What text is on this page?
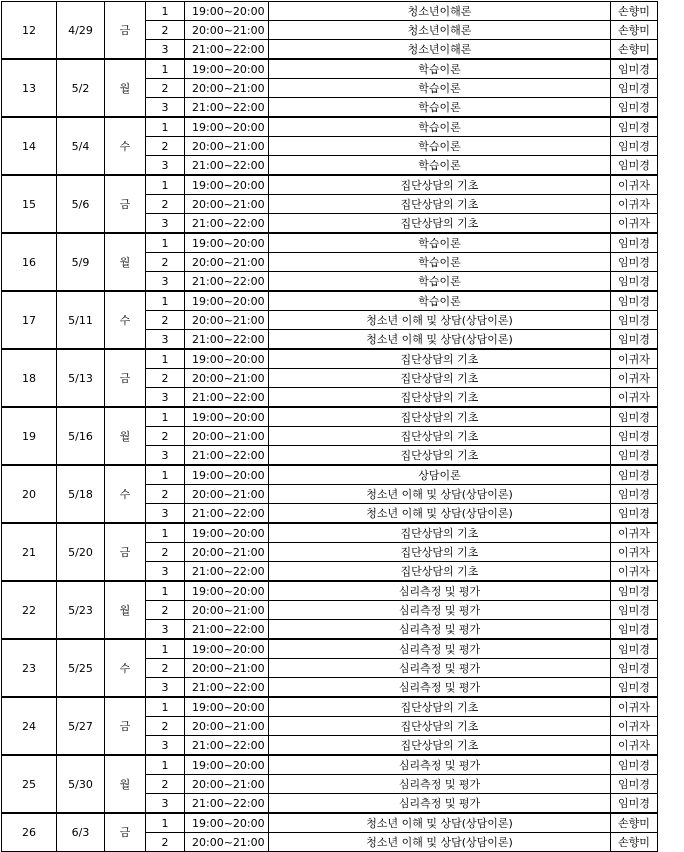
12	4/29	금	1	19:00~20:00	청소년이해론	손향미
			2	20:00~21:00	청소년이해론	손향미
			3	21:00~22:00	청소년이해론	손향미
13	5/2	월	1	19:00~20:00	학습이론	임미경
			2	20:00~21:00	학습이론	임미경
			3	21:00~22:00	학습이론	임미경
14	5/4	수	1	19:00~20:00	학습이론	임미경
			2	20:00~21:00	학습이론	임미경
			3	21:00~22:00	학습이론	임미경
15	5/6	금	1	19:00~20:00	집단상담의 기초	이귀자
			2	20:00~21:00	집단상담의 기초	이귀자
			3	21:00~22:00	집단상담의 기초	이귀자
16	5/9	월	1	19:00~20:00	학습이론	임미경
			2	20:00~21:00	학습이론	임미경
			3	21:00~22:00	학습이론	임미경
17	5/11	수	1	19:00~20:00	학습이론	임미경
			2	20:00~21:00	청소년 이해 및 상담(상담이론)	임미경
			3	21:00~22:00	청소년 이해 및 상담(상담이론)	임미경
18	5/13	금	1	19:00~20:00	집단상담의 기초	이귀자
			2	20:00~21:00	집단상담의 기초	이귀자
			3	21:00~22:00	집단상담의 기초	이귀자
19	5/16	월	1	19:00~20:00	집단상담의 기초	임미경
			2	20:00~21:00	집단상담의 기초	임미경
			3	21:00~22:00	집단상담의 기초	임미경
20	5/18	수	1	19:00~20:00	상담이론	임미경
			2	20:00~21:00	청소년 이해 및 상담(상담이론)	임미경
			3	21:00~22:00	청소년 이해 및 상담(상담이론)	임미경
21	5/20	금	1	19:00~20:00	집단상담의 기초	이귀자
			2	20:00~21:00	집단상담의 기초	이귀자
			3	21:00~22:00	집단상담의 기초	이귀자
22	5/23	월	1	19:00~20:00	심리측정 및 평가	임미경
			2	20:00~21:00	심리측정 및 평가	임미경
			3	21:00~22:00	심리측정 및 평가	임미경
23	5/25	수	1	19:00~20:00	심리측정 및 평가	임미경
			2	20:00~21:00	심리측정 및 평가	임미경
			3	21:00~22:00	심리측정 및 평가	임미경
24	5/27	금	1	19:00~20:00	집단상담의 기초	이귀자
			2	20:00~21:00	집단상담의 기초	이귀자
			3	21:00~22:00	집단상담의 기초	이귀자
25	5/30	월	1	19:00~20:00	심리측정 및 평가	임미경
			2	20:00~21:00	심리측정 및 평가	임미경
			3	21:00~22:00	심리측정 및 평가	임미경
26	6/3	금	1	19:00~20:00	청소년 이해 및 상담(상담이론)	손향미
			2	20:00~21:00	청소년 이해 및 상담(상담이론)	손향미
